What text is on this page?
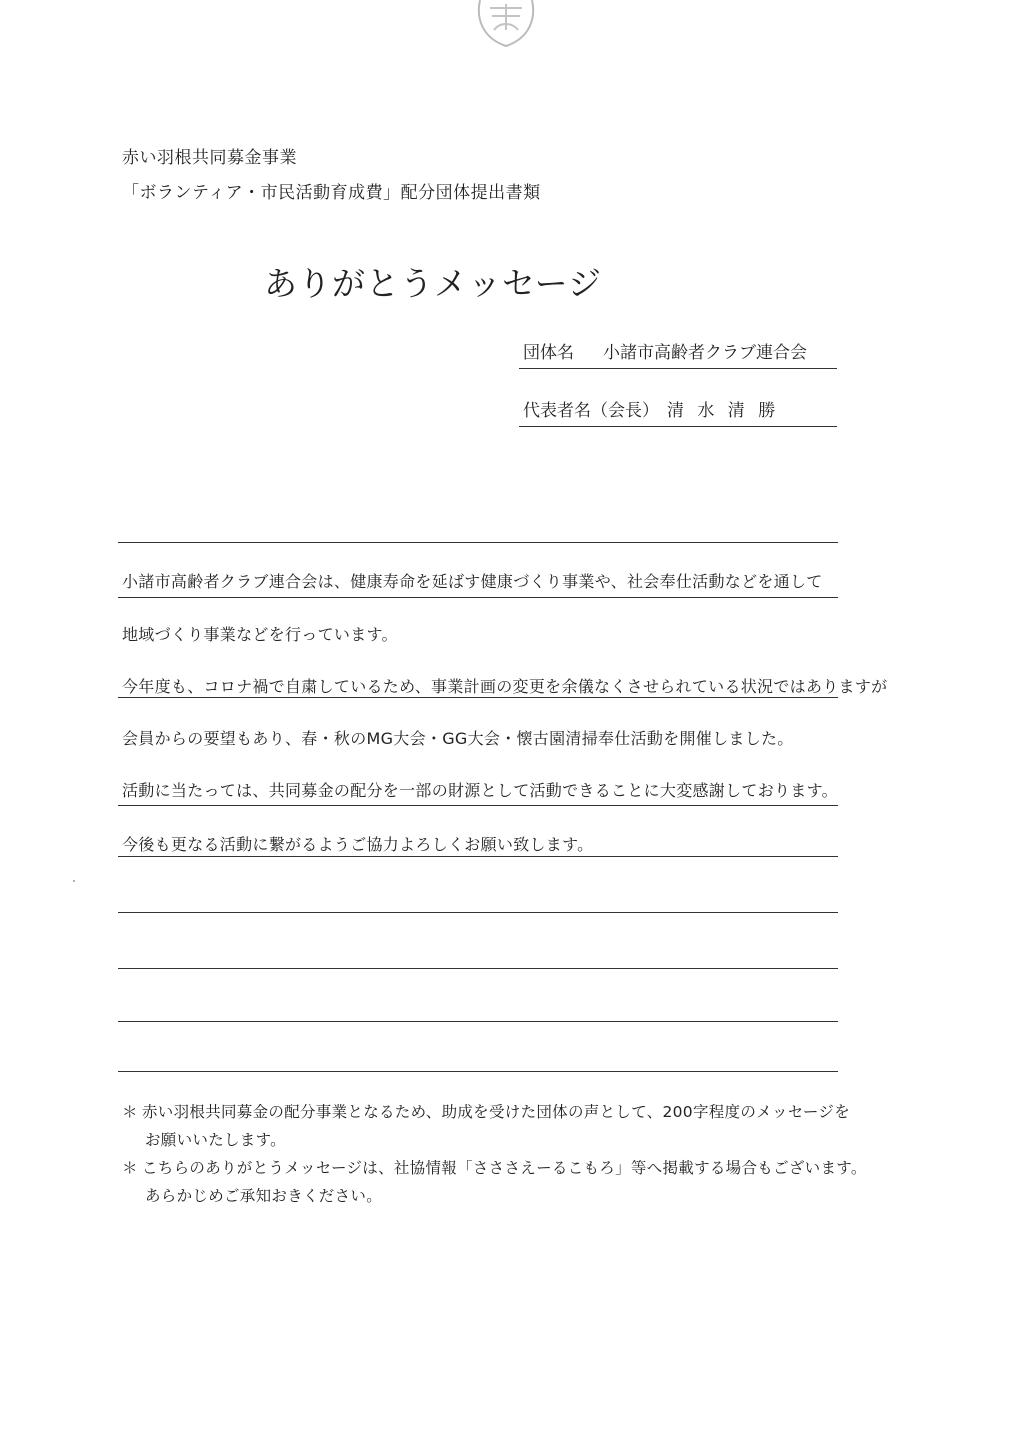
赤い羽根共同募金事業
「ボランティア・市民活動育成費」配分団体提出書類
ありがとうメッセージ
団体名 小諸市高齢者クラブ連合会
代表者名（会長） 清 水 清 勝
小諸市高齢者クラブ連合会は、健康寿命を延ばす健康づくり事業や、社会奉仕活動などを通して
地域づくり事業などを行っています。
今年度も、コロナ禍で自粛しているため、事業計画の変更を余儀なくさせられている状況ではありますが
会員からの要望もあり、春・秋のMG大会・GG大会・懐古園清掃奉仕活動を開催しました。
活動に当たっては、共同募金の配分を一部の財源として活動できることに大変感謝しております。
今後も更なる活動に繋がるようご協力よろしくお願い致します。
＊ 赤い羽根共同募金の配分事業となるため、助成を受けた団体の声として、200字程度のメッセージを
お願いいたします。
＊ こちらのありがとうメッセージは、社協情報「さささえーるこもろ」等へ掲載する場合もございます。
あらかじめご承知おきください。
